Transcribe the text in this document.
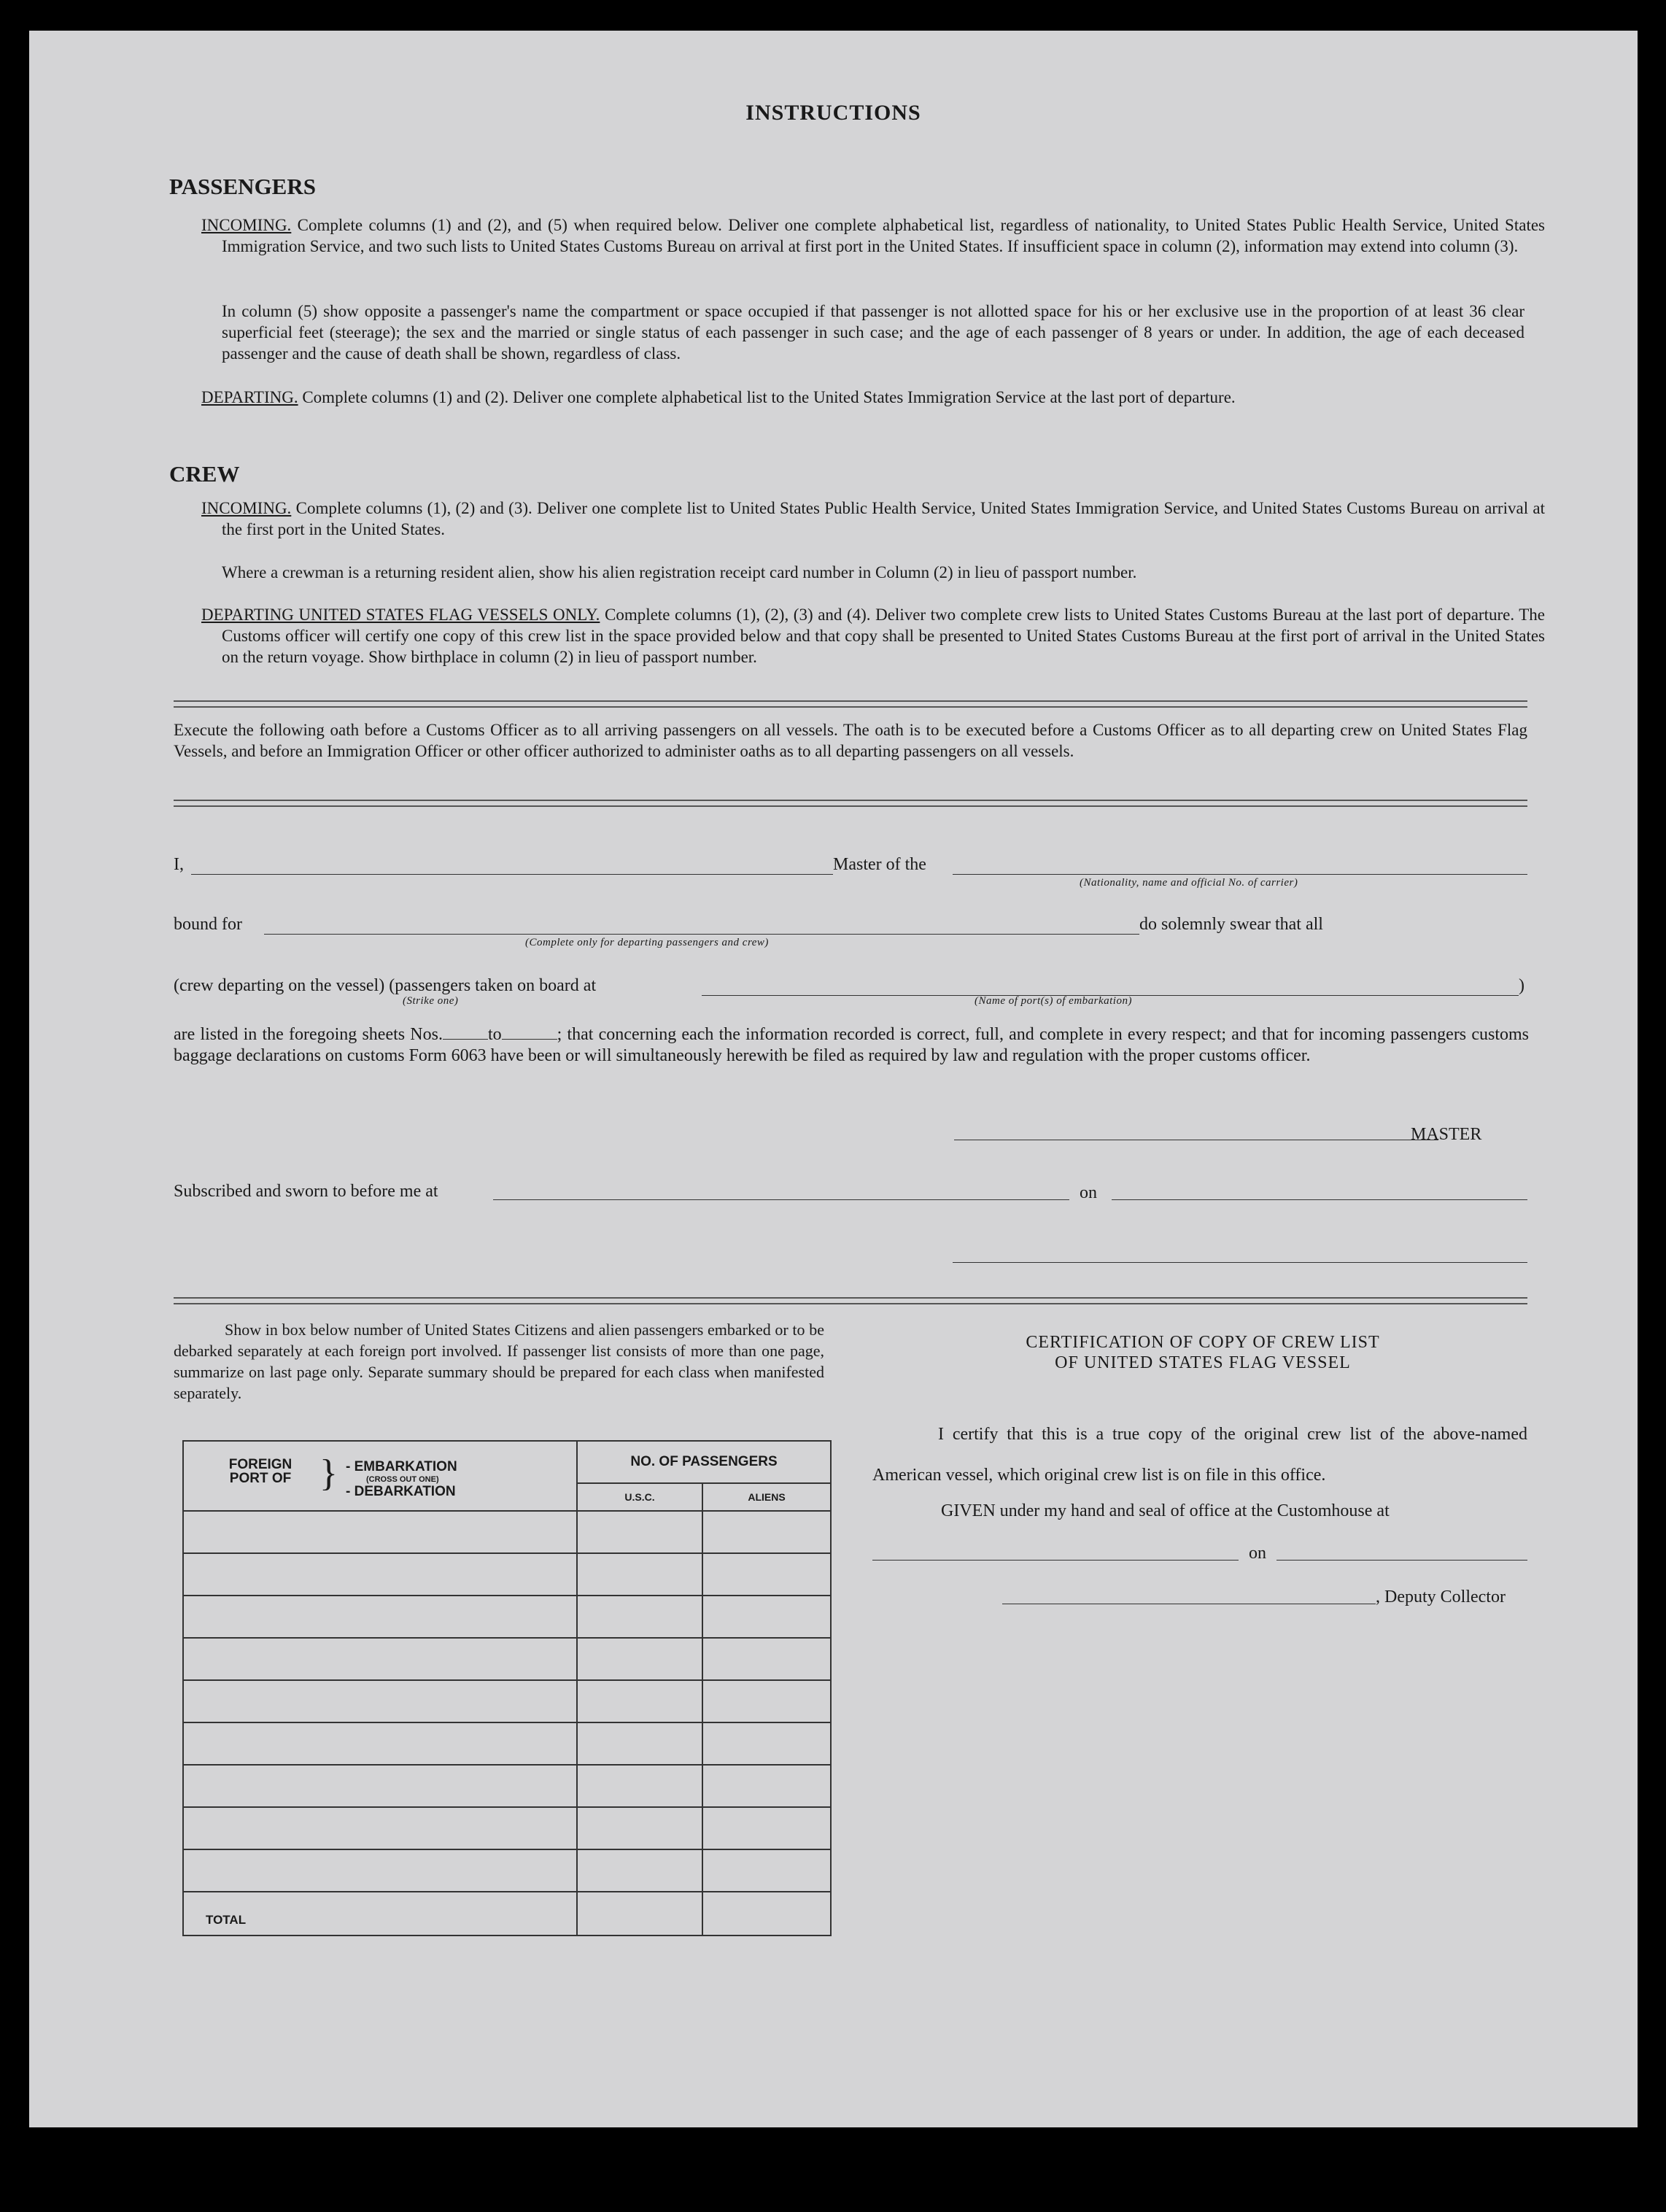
INSTRUCTIONS
PASSENGERS
INCOMING. Complete columns (1) and (2), and (5) when required below. Deliver one complete alphabetical list, regardless of nationality, to United States Public Health Service, United States Immigration Service, and two such lists to United States Customs Bureau on arrival at first port in the United States. If insufficient space in column (2), information may extend into column (3).
In column (5) show opposite a passenger's name the compartment or space occupied if that passenger is not allotted space for his or her exclusive use in the proportion of at least 36 clear superficial feet (steerage); the sex and the married or single status of each passenger in such case; and the age of each passenger of 8 years or under. In addition, the age of each deceased passenger and the cause of death shall be shown, regardless of class.
DEPARTING. Complete columns (1) and (2). Deliver one complete alphabetical list to the United States Immigration Service at the last port of departure.
CREW
INCOMING. Complete columns (1), (2) and (3). Deliver one complete list to United States Public Health Service, United States Immigration Service, and United States Customs Bureau on arrival at the first port in the United States.
Where a crewman is a returning resident alien, show his alien registration receipt card number in Column (2) in lieu of passport number.
DEPARTING UNITED STATES FLAG VESSELS ONLY. Complete columns (1), (2), (3) and (4). Deliver two complete crew lists to United States Customs Bureau at the last port of departure. The Customs officer will certify one copy of this crew list in the space provided below and that copy shall be presented to United States Customs Bureau at the first port of arrival in the United States on the return voyage. Show birthplace in column (2) in lieu of passport number.
Execute the following oath before a Customs Officer as to all arriving passengers on all vessels. The oath is to be executed before a Customs Officer as to all departing crew on United States Flag Vessels, and before an Immigration Officer or other officer authorized to administer oaths as to all departing passengers on all vessels.
I,	Master of the
(Nationality, name and official No. of carrier)
bound for
(Complete only for departing passengers and crew)
do solemnly swear that all
(crew departing on the vessel) (passengers taken on board at	)
(Strike one)	(Name of port(s) of embarkation)
are listed in the foregoing sheets Nos.	to	; that concerning each the information recorded is correct, full, and complete in every respect; and that for incoming passengers customs baggage declarations on customs Form 6063 have been or will simultaneously herewith be filed as required by law and regulation with the proper customs officer.
MASTER
Subscribed and sworn to before me at	on
Show in box below number of United States Citizens and alien passengers embarked or to be debarked separately at each foreign port involved. If passenger list consists of more than one page, summarize on last page only. Separate summary should be prepared for each class when manifested separately.
FOREIGN PORT OF } - EMBARKATION
(CROSS OUT ONE)
- DEBARKATION	NO. OF PASSENGERS	
	U.S.C.	ALIENS

TOTAL		
CERTIFICATION OF COPY OF CREW LIST
OF UNITED STATES FLAG VESSEL
I certify that this is a true copy of the original crew list of the above-named American vessel, which original crew list is on file in this office.
GIVEN under my hand and seal of office at the Customhouse at
on
, Deputy Collector
